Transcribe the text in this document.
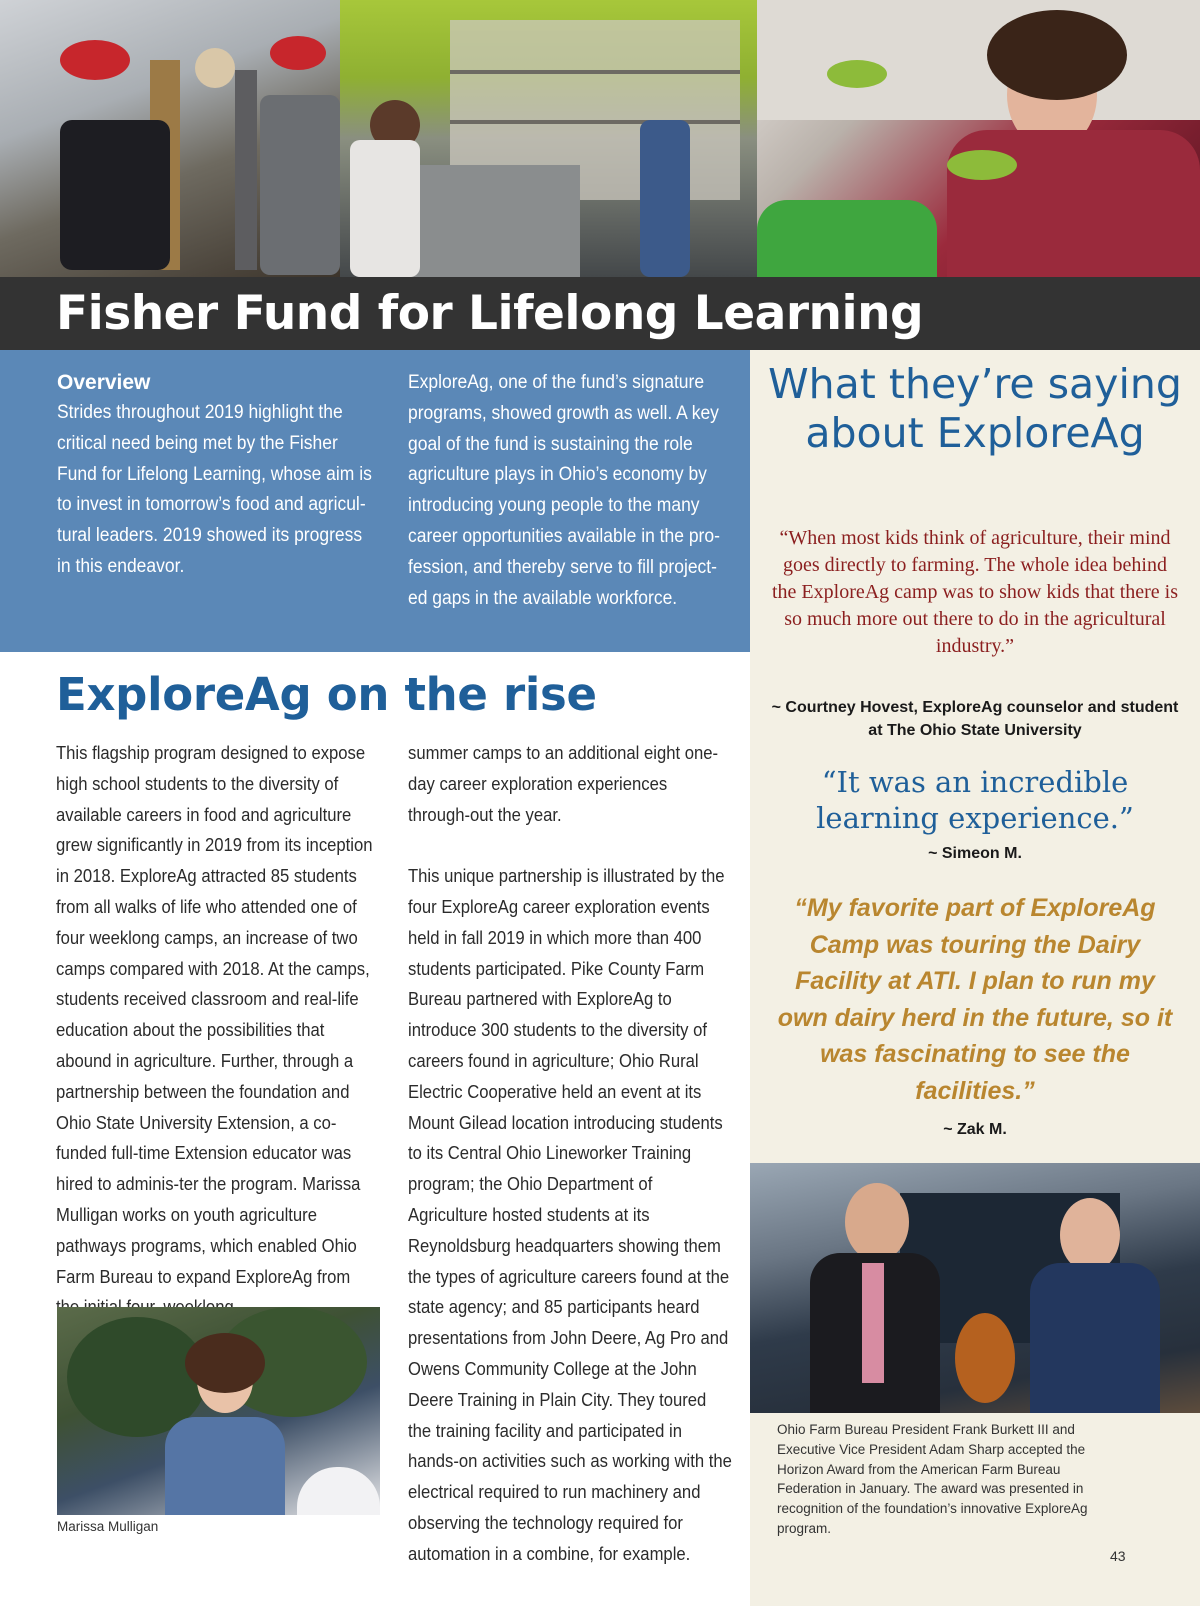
Fisher Fund for Lifelong Learning
Overview

Strides throughout 2019 highlight the critical need being met by the Fisher Fund for Lifelong Learning, whose aim is to invest in tomorrow’s food and agricul-tural leaders. 2019 showed its progress in this endeavor.

ExploreAg, one of the fund’s signature programs, showed growth as well. A key goal of the fund is sustaining the role agriculture plays in Ohio’s economy by introducing young people to the many career opportunities available in the pro-fession, and thereby serve to fill project-ed gaps in the available workforce.

What they’re saying about ExploreAg

“When most kids think of agriculture, their mind goes directly to farming. The whole idea behind the ExploreAg camp was to show kids that there is so much more out there to do in the agricultural industry.”

~ Courtney Hovest, ExploreAg counselor and student at The Ohio State University

“It was an incredible learning experience.”

~ Simeon M.

“My favorite part of ExploreAg Camp was touring the Dairy Facility at ATI. I plan to run my own dairy herd in the future, so it was fascinating to see the facilities.”

~ Zak M.

Ohio Farm Bureau President Frank Burkett III and Executive Vice President Adam Sharp accepted the Horizon Award from the American Farm Bureau Federation in January. The award was presented in recognition of the foundation’s innovative ExploreAg program.

43
ExploreAg on the rise

This flagship program designed to expose high school students to the diversity of available careers in food and agriculture grew significantly in 2019 from its inception in 2018. ExploreAg attracted 85 students from all walks of life who attended one of four weeklong camps, an increase of two camps compared with 2018. At the camps, students received classroom and real-life education about the possibilities that abound in agriculture. Further, through a partnership between the foundation and Ohio State University Extension, a co-funded full-time Extension educator was hired to adminis-ter the program. Marissa Mulligan works on youth agriculture pathways programs, which enabled Ohio Farm Bureau to expand ExploreAg from

summer camps to an additional eight one-day career exploration experiences through-out the year.

This unique partnership is illustrated by the four ExploreAg career exploration events held in fall 2019 in which more than 400 students participated. Pike County Farm Bureau partnered with ExploreAg to introduce 300 students to the diversity of careers found in agriculture; Ohio Rural Electric Cooperative held an event at its Mount Gilead location introducing students to its Central Ohio Lineworker Training program; the Ohio Department of Agriculture hosted students at its Reynoldsburg headquarters showing them the types of agriculture careers found at the state agency; and 85 participants heard presentations from John Deere, Ag Pro and Owens Community College at the John Deere Training in Plain City. They toured the training facility and participated in hands-on activities such as working with the electrical required to run machinery and observing the technology required for automation in a combine, for example.

Marissa Mulligan
